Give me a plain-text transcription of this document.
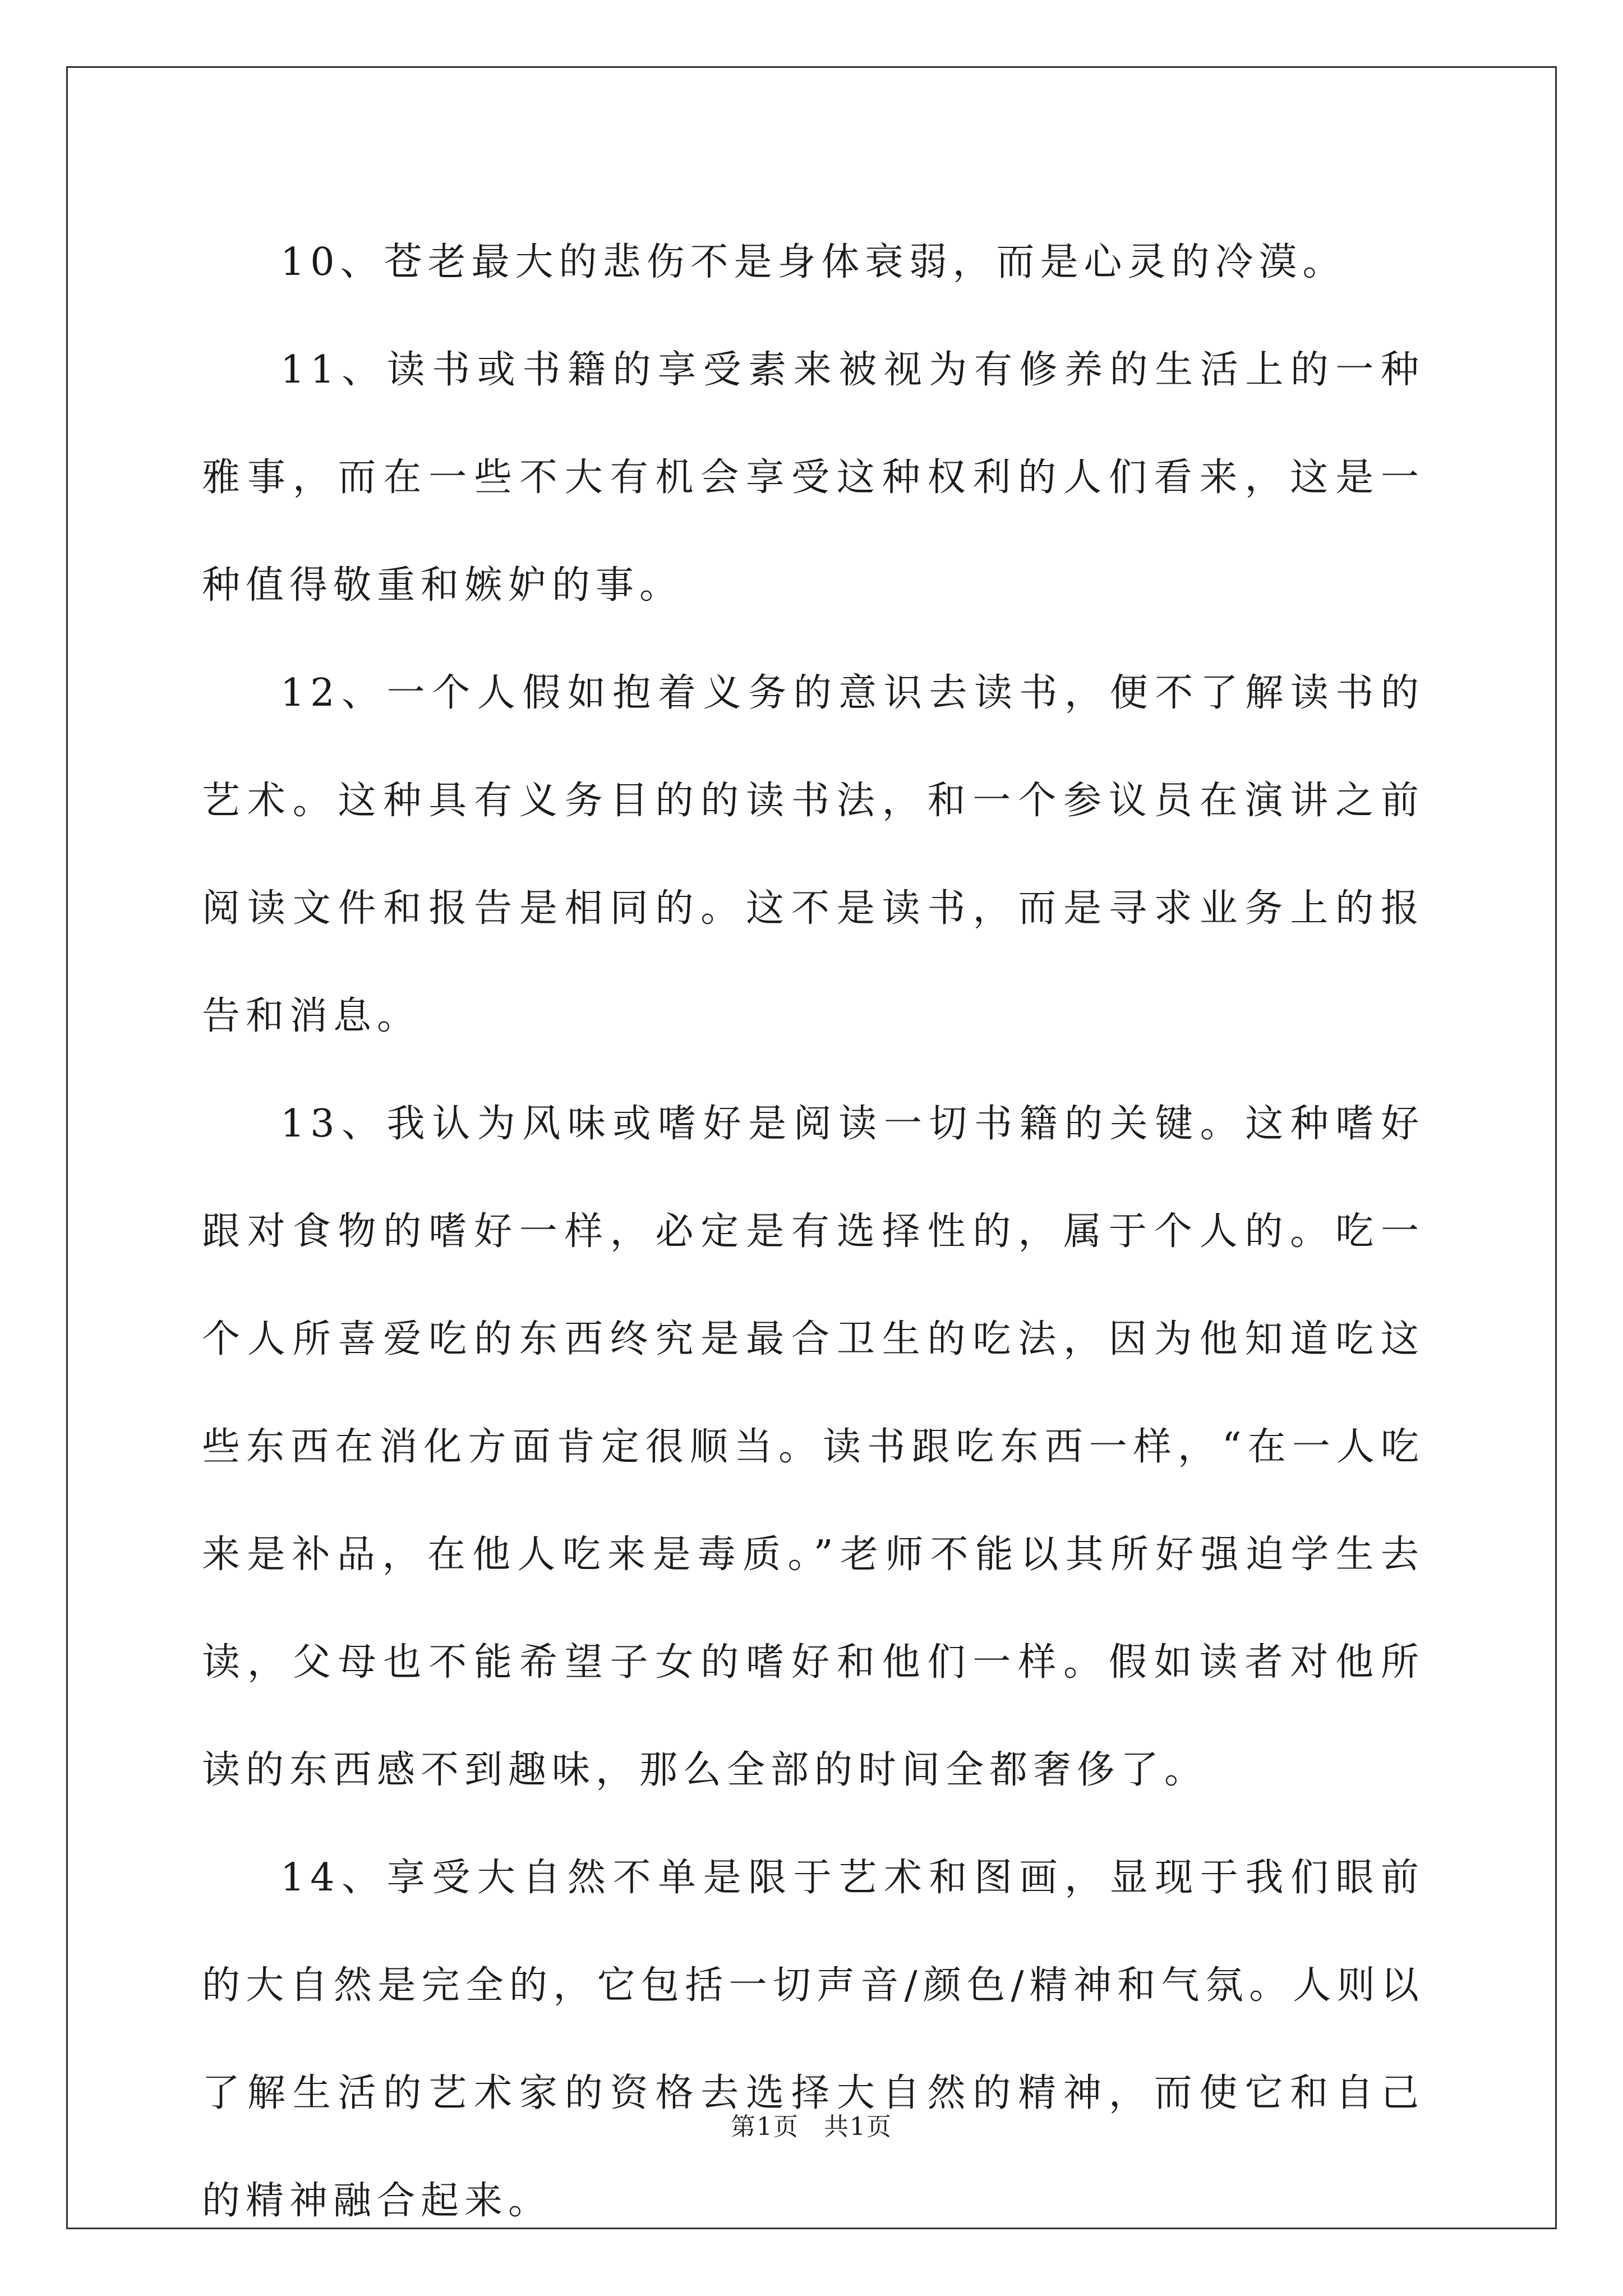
10、苍老最大的悲伤不是身体衰弱，而是心灵的冷漠。

11、读书或书籍的享受素来被视为有修养的生活上的一种雅事，而在一些不大有机会享受这种权利的人们看来，这是一种值得敬重和嫉妒的事。

12、一个人假如抱着义务的意识去读书，便不了解读书的艺术。这种具有义务目的的读书法，和一个参议员在演讲之前阅读文件和报告是相同的。这不是读书，而是寻求业务上的报告和消息。

13、我认为风味或嗜好是阅读一切书籍的关键。这种嗜好跟对食物的嗜好一样，必定是有选择性的，属于个人的。吃一个人所喜爱吃的东西终究是最合卫生的吃法，因为他知道吃这些东西在消化方面肯定很顺当。读书跟吃东西一样，“在一人吃来是补品，在他人吃来是毒质。”老师不能以其所好强迫学生去读，父母也不能希望子女的嗜好和他们一样。假如读者对他所读的东西感不到趣味，那么全部的时间全都奢侈了。

14、享受大自然不单是限于艺术和图画，显现于我们眼前的大自然是完全的，它包括一切声音/颜色/精神和气氛。人则以了解生活的艺术家的资格去选择大自然的精神，而使它和自己的精神融合起来。

第1页 共1页
